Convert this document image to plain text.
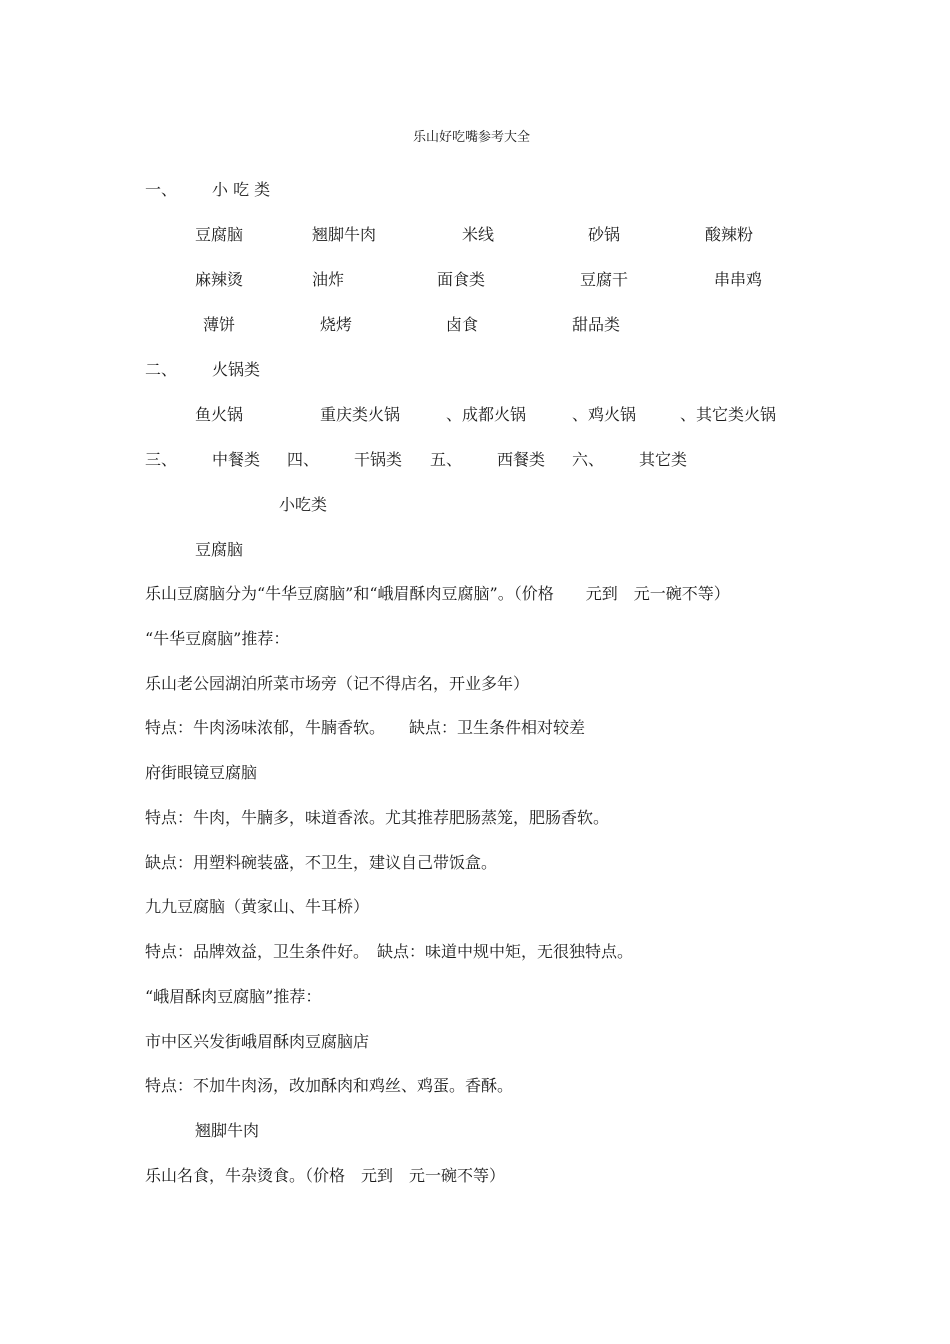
乐山好吃嘴参考大全
一、 小 吃 类
豆腐脑	翘脚牛肉	米线	砂锅	酸辣粉
麻辣烫	油炸	面食类	豆腐干	串串鸡
薄饼	烧烤	卤食	甜品类
二、 火锅类
鱼火锅	重庆类火锅	、成都火锅	、鸡火锅	、其它类火锅
三、 中餐类 四、 干锅类 五、 西餐类 六、 其它类
小吃类
豆腐脑
乐山豆腐脑分为“牛华豆腐脑”和“峨眉酥肉豆腐脑”。（价格　　元到　元一碗不等）
“牛华豆腐脑”推荐：
乐山老公园湖泊所菜市场旁（记不得店名，开业多年）
特点：牛肉汤味浓郁，牛腩香软。　　缺点：卫生条件相对较差
府街眼镜豆腐脑
特点：牛肉，牛腩多，味道香浓。尤其推荐肥肠蒸笼，肥肠香软。
缺点：用塑料碗装盛，不卫生，建议自己带饭盒。
九九豆腐脑（黄家山、牛耳桥）
特点：品牌效益，卫生条件好。　缺点：味道中规中矩，无很独特点。
“峨眉酥肉豆腐脑”推荐：
市中区兴发街峨眉酥肉豆腐脑店
特点：不加牛肉汤，改加酥肉和鸡丝、鸡蛋。香酥。
翘脚牛肉
乐山名食，牛杂烫食。（价格　元到　元一碗不等）
